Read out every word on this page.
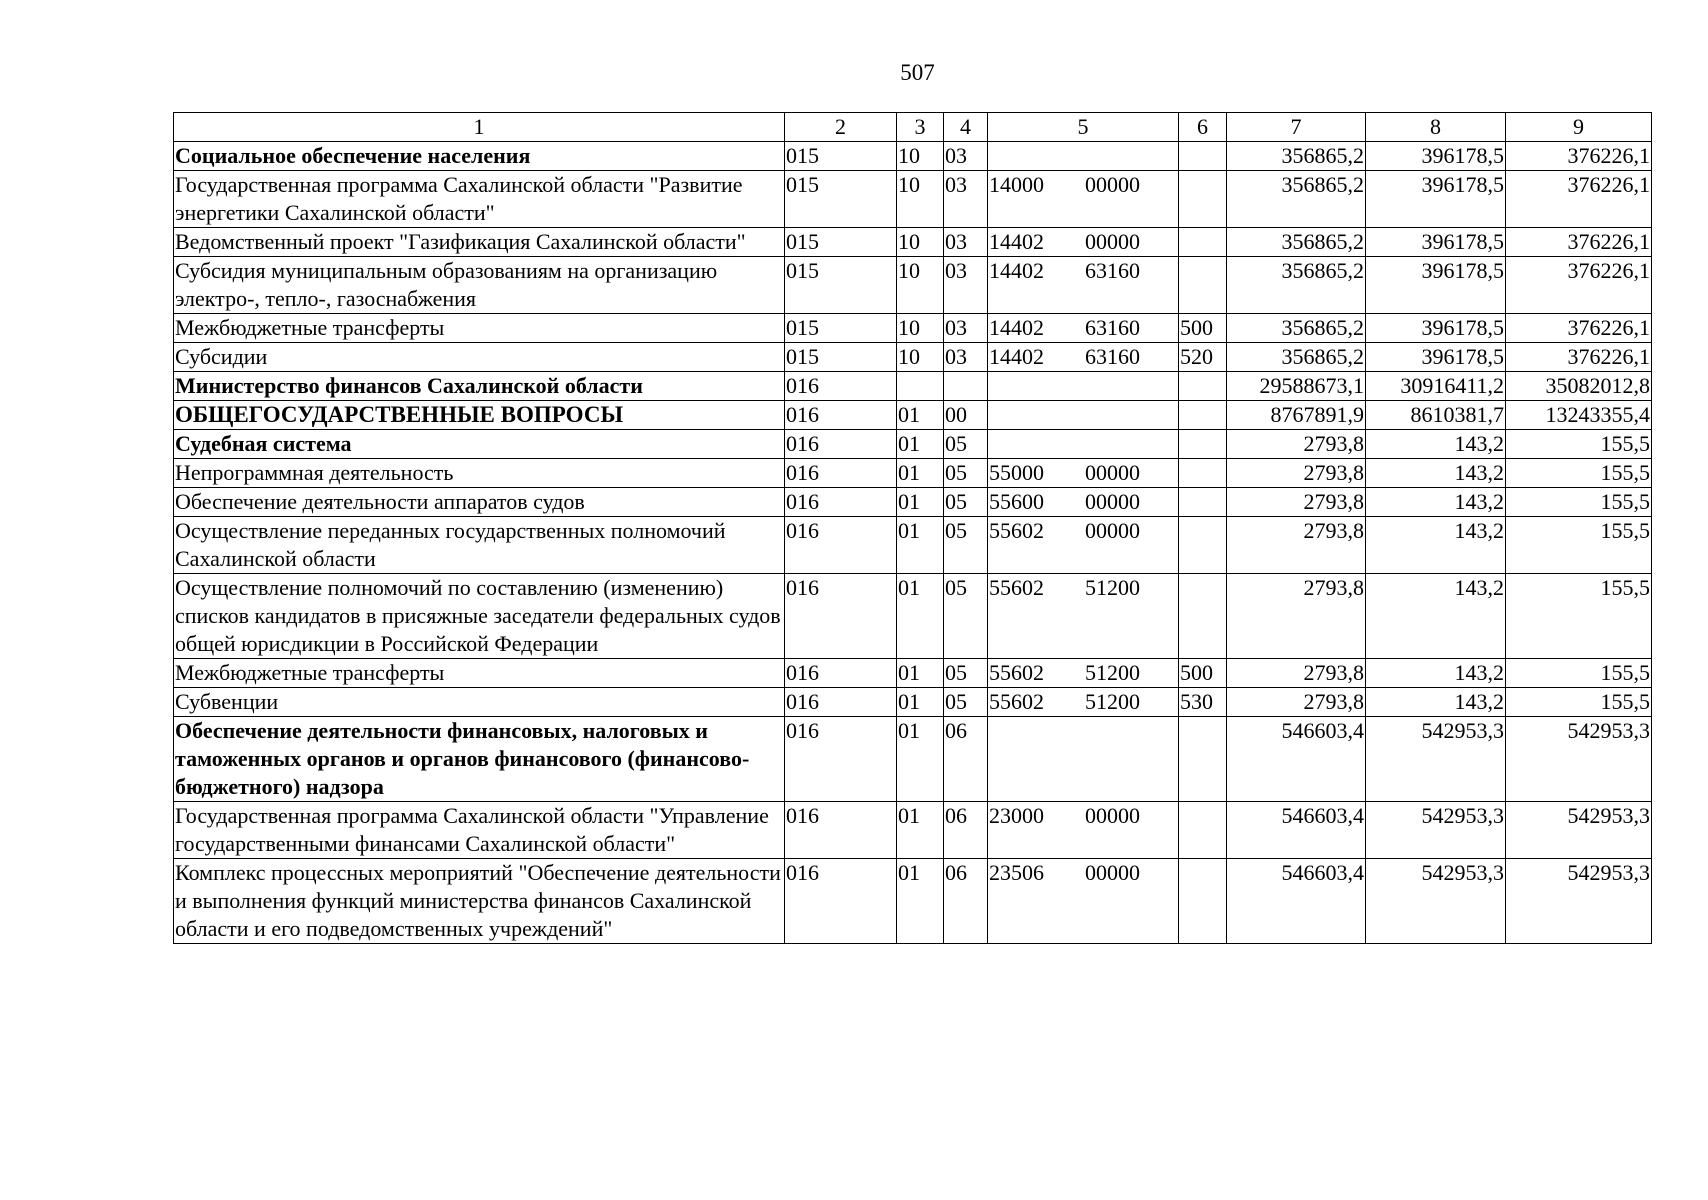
507
1	2	3	4	5	6	7	8	9
Социальное обеспечение населения	015	10	03			356865,2	396178,5	376226,1
Государственная программа Сахалинской области "Развитие энергетики Сахалинской области"	015	10	03	14000 00000		356865,2	396178,5	376226,1
Ведомственный проект "Газификация Сахалинской области"	015	10	03	14402 00000		356865,2	396178,5	376226,1
Субсидия муниципальным образованиям на организацию электро-, тепло-, газоснабжения	015	10	03	14402 63160		356865,2	396178,5	376226,1
Межбюджетные трансферты	015	10	03	14402 63160	500	356865,2	396178,5	376226,1
Субсидии	015	10	03	14402 63160	520	356865,2	396178,5	376226,1
Министерство финансов Сахалинской области	016					29588673,1	30916411,2	35082012,8
ОБЩЕГОСУДАРСТВЕННЫЕ ВОПРОСЫ	016	01	00			8767891,9	8610381,7	13243355,4
Судебная система	016	01	05			2793,8	143,2	155,5
Непрограммная деятельность	016	01	05	55000 00000		2793,8	143,2	155,5
Обеспечение деятельности аппаратов судов	016	01	05	55600 00000		2793,8	143,2	155,5
Осуществление переданных государственных полномочий Сахалинской области	016	01	05	55602 00000		2793,8	143,2	155,5
Осуществление полномочий по составлению (изменению) списков кандидатов в присяжные заседатели федеральных судов общей юрисдикции в Российской Федерации	016	01	05	55602 51200		2793,8	143,2	155,5
Межбюджетные трансферты	016	01	05	55602 51200	500	2793,8	143,2	155,5
Субвенции	016	01	05	55602 51200	530	2793,8	143,2	155,5
Обеспечение деятельности финансовых, налоговых и таможенных органов и органов финансового (финансово-бюджетного) надзора	016	01	06			546603,4	542953,3	542953,3
Государственная программа Сахалинской области "Управление государственными финансами Сахалинской области"	016	01	06	23000 00000		546603,4	542953,3	542953,3
Комплекс процессных мероприятий "Обеспечение деятельности и выполнения функций министерства финансов Сахалинской области и его подведомственных учреждений"	016	01	06	23506 00000		546603,4	542953,3	542953,3
